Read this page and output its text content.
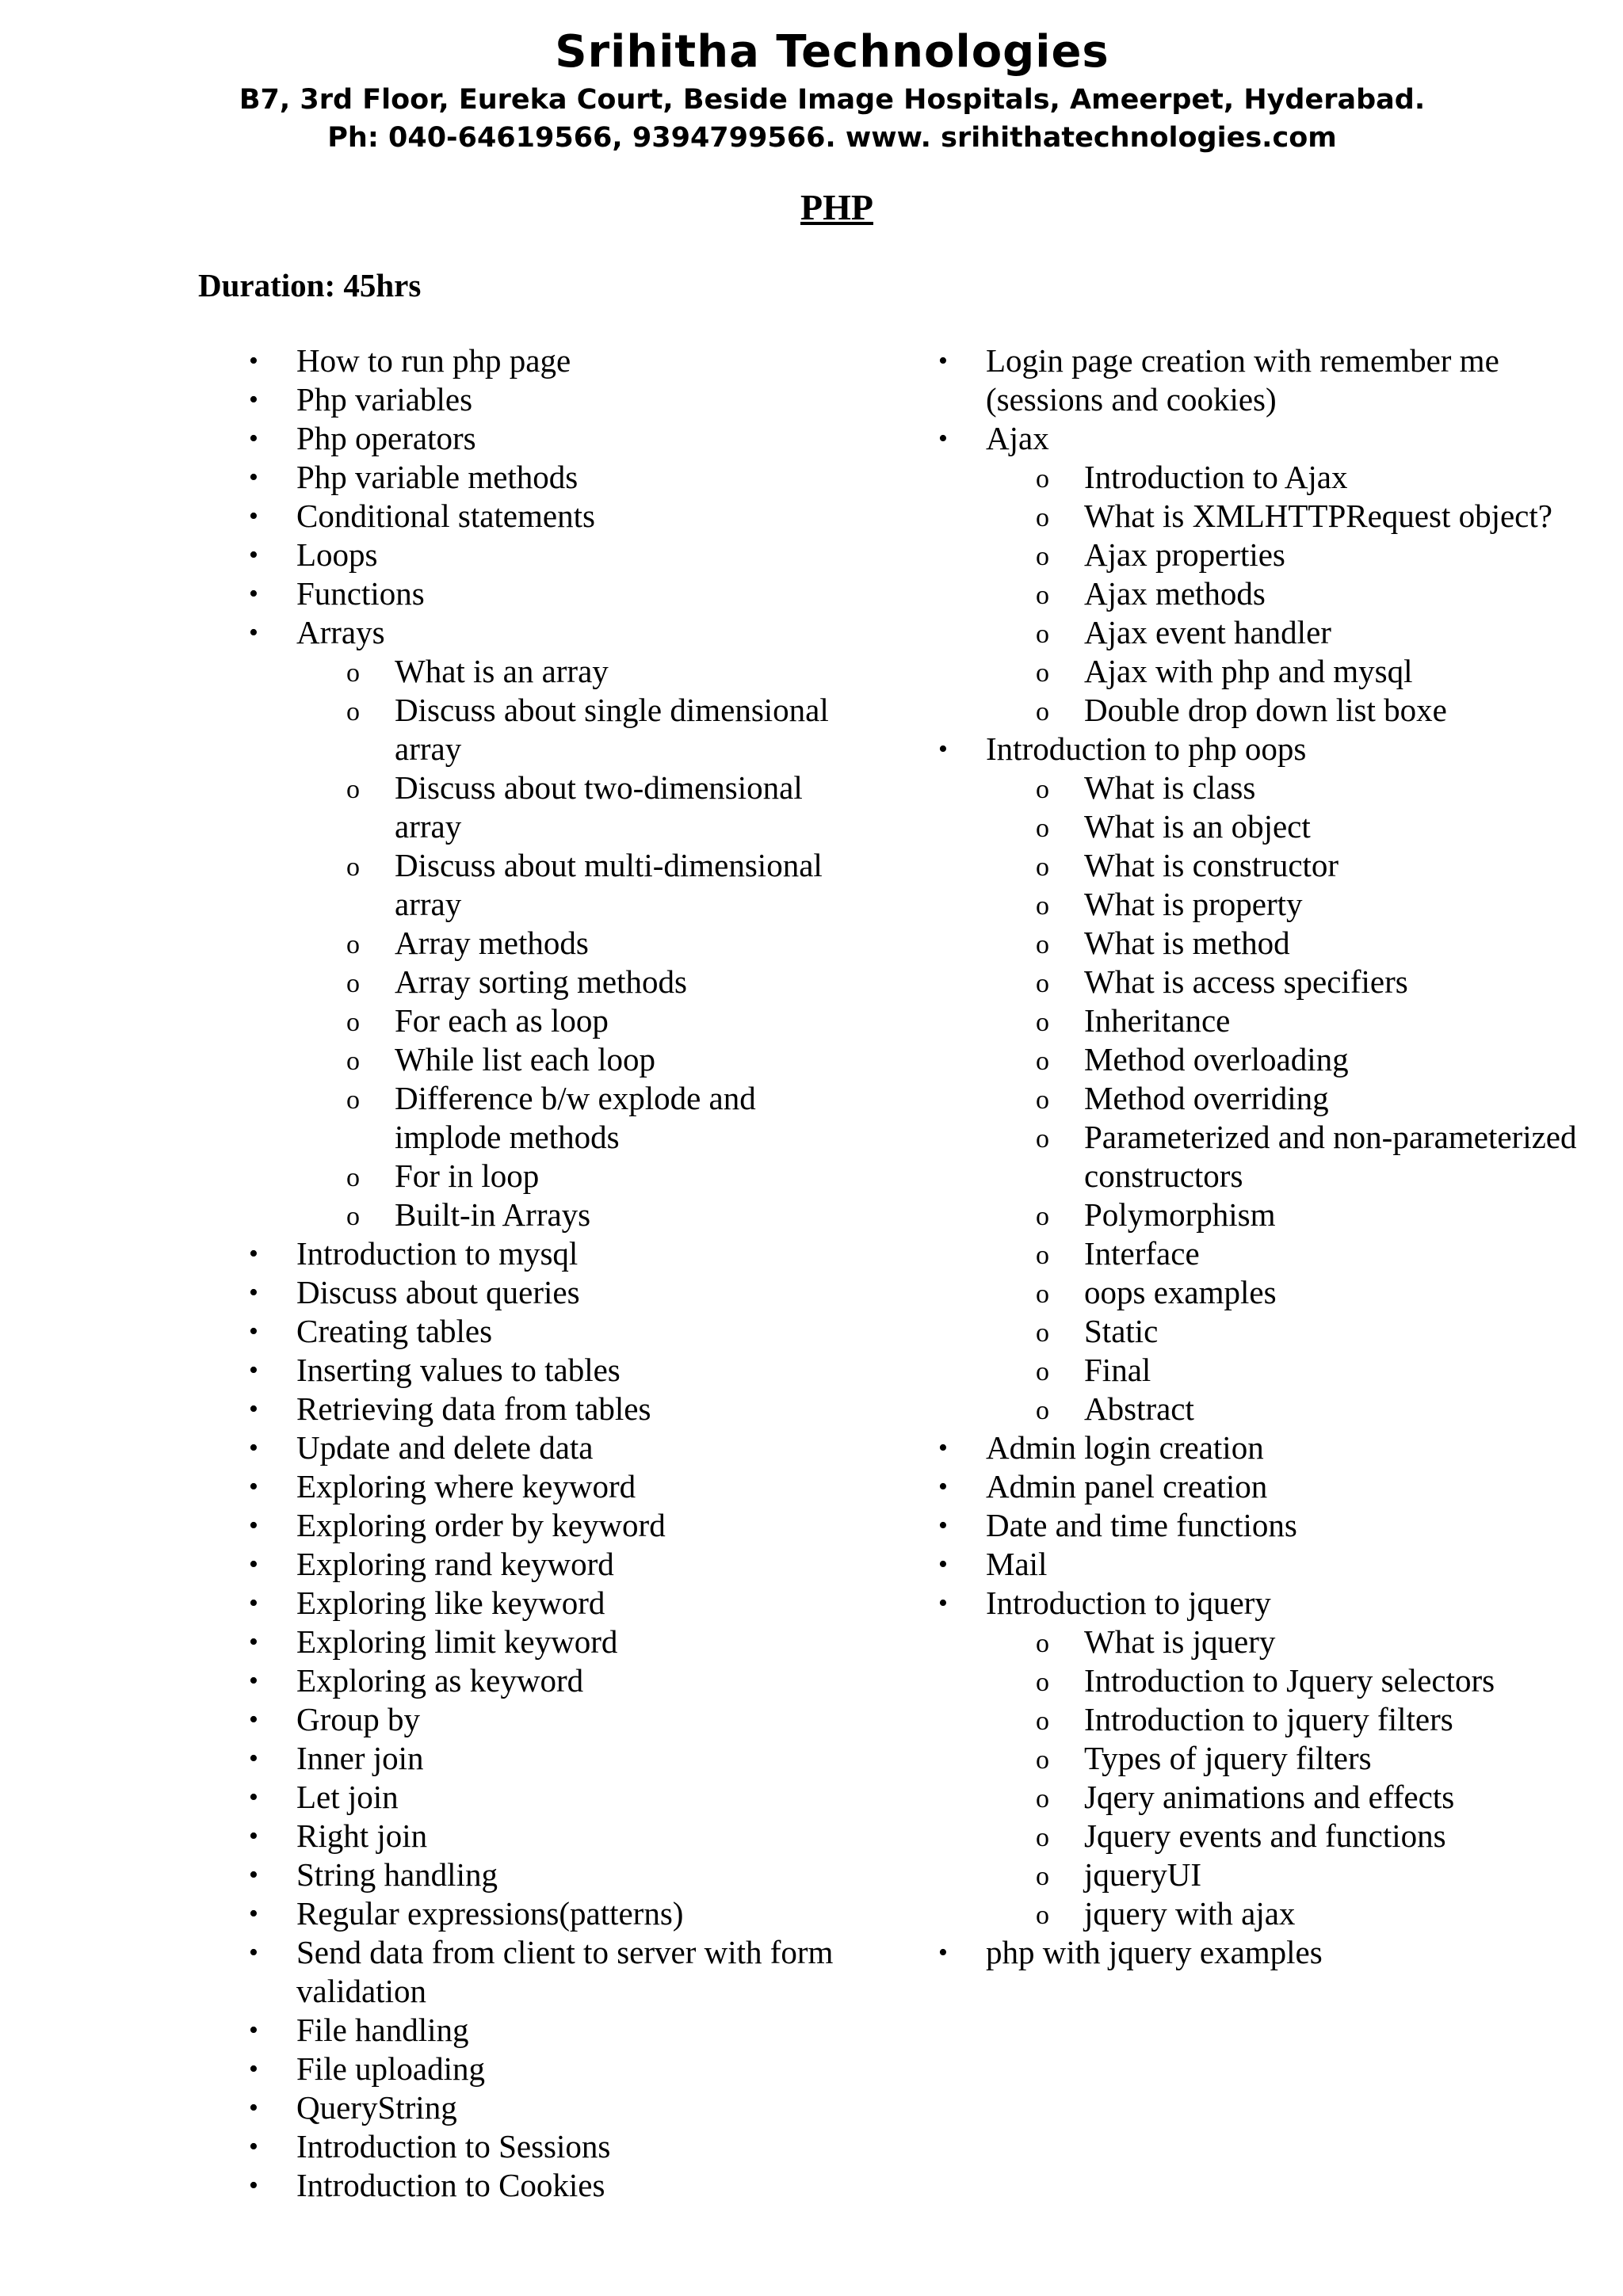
Srihitha Technologies
B7, 3rd Floor, Eureka Court, Beside Image Hospitals, Ameerpet, Hyderabad.
Ph: 040-64619566, 9394799566. www. srihithatechnologies.com
PHP
Duration: 45hrs
• How to run php page
• Php variables
• Php operators
• Php variable methods
• Conditional statements
• Loops
• Functions
• Arrays
o What is an array
o Discuss about single dimensional array
o Discuss about two-dimensional array
o Discuss about multi-dimensional array
o Array methods
o Array sorting methods
o For each as loop
o While list each loop
o Difference b/w explode and implode methods
o For in loop
o Built-in Arrays
• Introduction to mysql
• Discuss about queries
• Creating tables
• Inserting values to tables
• Retrieving data from tables
• Update and delete data
• Exploring where keyword
• Exploring order by keyword
• Exploring rand keyword
• Exploring like keyword
• Exploring limit keyword
• Exploring as keyword
• Group by
• Inner join
• Let join
• Right join
• String handling
• Regular expressions(patterns)
• Send data from client to server with form validation
• File handling
• File uploading
• QueryString
• Introduction to Sessions
• Introduction to Cookies
• Login page creation with remember me (sessions and cookies)
• Ajax
o Introduction to Ajax
o What is XMLHTTPRequest object?
o Ajax properties
o Ajax methods
o Ajax event handler
o Ajax with php and mysql
o Double drop down list boxe
• Introduction to php oops
o What is class
o What is an object
o What is constructor
o What is property
o What is method
o What is access specifiers
o Inheritance
o Method overloading
o Method overriding
o Parameterized and non-parameterized constructors
o Polymorphism
o Interface
o oops examples
o Static
o Final
o Abstract
• Admin login creation
• Admin panel creation
• Date and time functions
• Mail
• Introduction to jquery
o What is jquery
o Introduction to Jquery selectors
o Introduction to jquery filters
o Types of jquery filters
o Jqery animations and effects
o Jquery events and functions
o jqueryUI
o jquery with ajax
• php with jquery examples
